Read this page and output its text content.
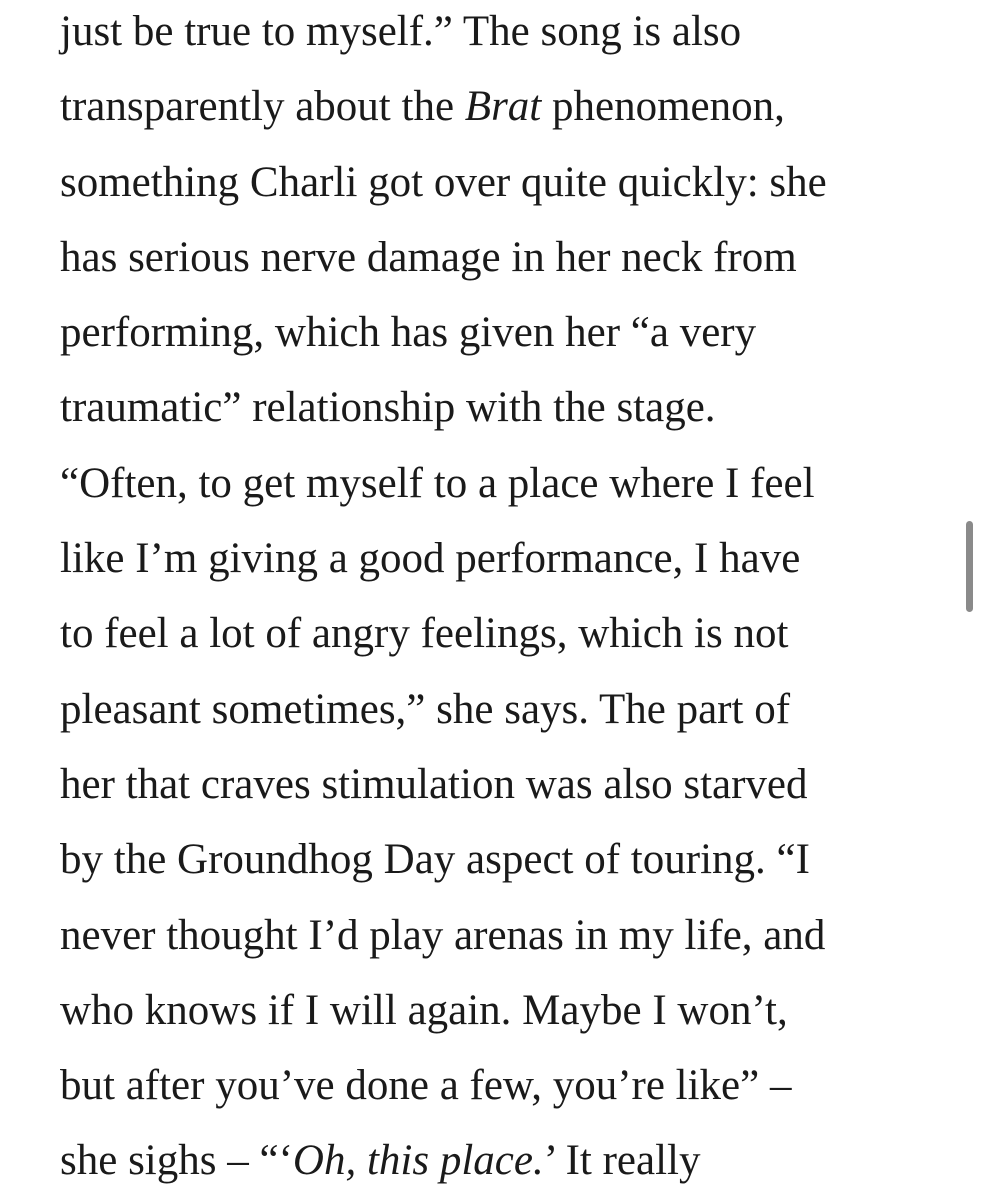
just be true to myself.” The song is also
transparently about the Brat phenomenon,
something Charli got over quite quickly: she
has serious nerve damage in her neck from
performing, which has given her “a very
traumatic” relationship with the stage.
“Often, to get myself to a place where I feel
like I’m giving a good performance, I have
to feel a lot of angry feelings, which is not
pleasant sometimes,” she says. The part of
her that craves stimulation was also starved
by the Groundhog Day aspect of touring. “I
never thought I’d play arenas in my life, and
who knows if I will again. Maybe I won’t,
but after you’ve done a few, you’re like” –
she sighs – “‘Oh, this place.’ It really
